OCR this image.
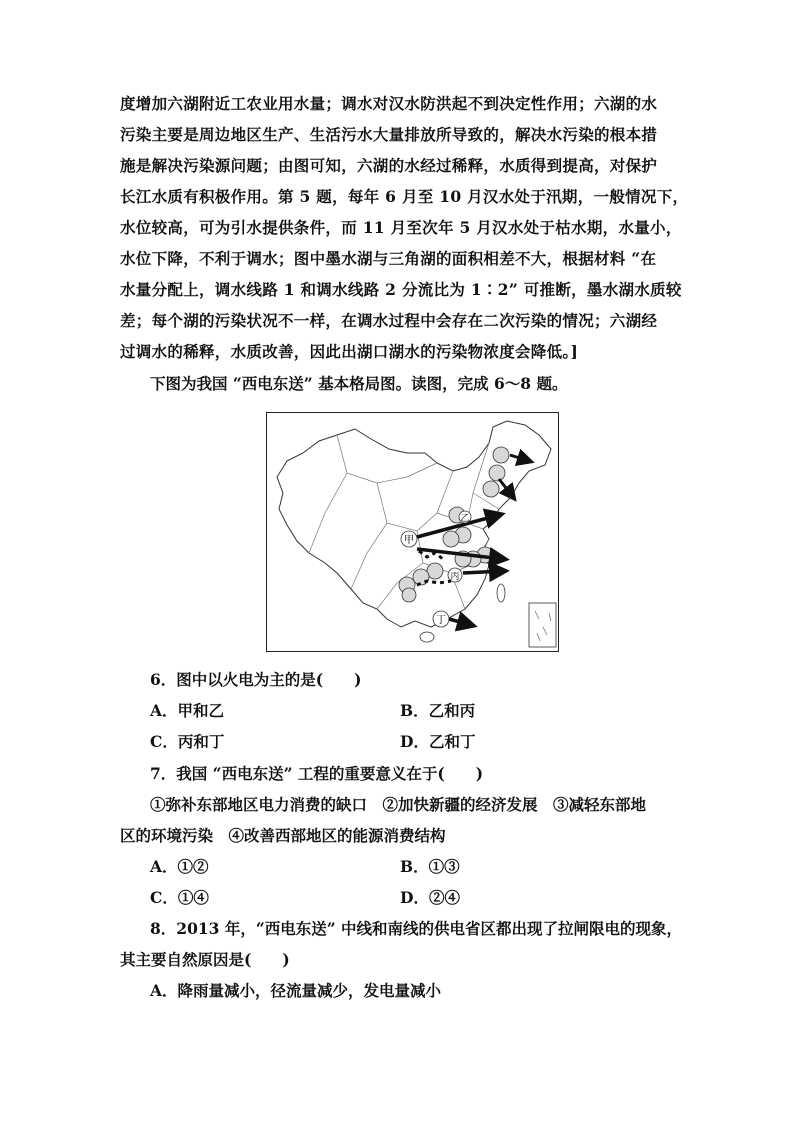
度增加六湖附近工农业用水量；调水对汉水防洪起不到决定性作用；六湖的水
污染主要是周边地区生产、生活污水大量排放所导致的，解决水污染的根本措
施是解决污染源问题；由图可知，六湖的水经过稀释，水质得到提高，对保护
长江水质有积极作用。第 5 题，每年 6 月至 10 月汉水处于汛期，一般情况下，
水位较高，可为引水提供条件，而 11 月至次年 5 月汉水处于枯水期，水量小，
水位下降，不利于调水；图中墨水湖与三角湖的面积相差不大，根据材料 “在
水量分配上，调水线路 1 和调水线路 2 分流比为 1∶2” 可推断，墨水湖水质较
差；每个湖的污染状况不一样，在调水过程中会存在二次污染的情况；六湖经
过调水的稀释，水质改善，因此出湖口湖水的污染物浓度会降低。]
下图为我国 “西电东送” 基本格局图。读图，完成 6～8 题。
乙
甲
丙
丁
6．图中以火电为主的是(　　)
A．甲和乙	B．乙和丙
C．丙和丁	D．乙和丁
7．我国 “西电东送” 工程的重要意义在于(　　)
①弥补东部地区电力消费的缺口　②加快新疆的经济发展　③减轻东部地
区的环境污染　④改善西部地区的能源消费结构
A．①②	B．①③
C．①④	D．②④
8．2013 年，“西电东送” 中线和南线的供电省区都出现了拉闸限电的现象，
其主要自然原因是(　　)
A．降雨量减小，径流量减少，发电量减小
